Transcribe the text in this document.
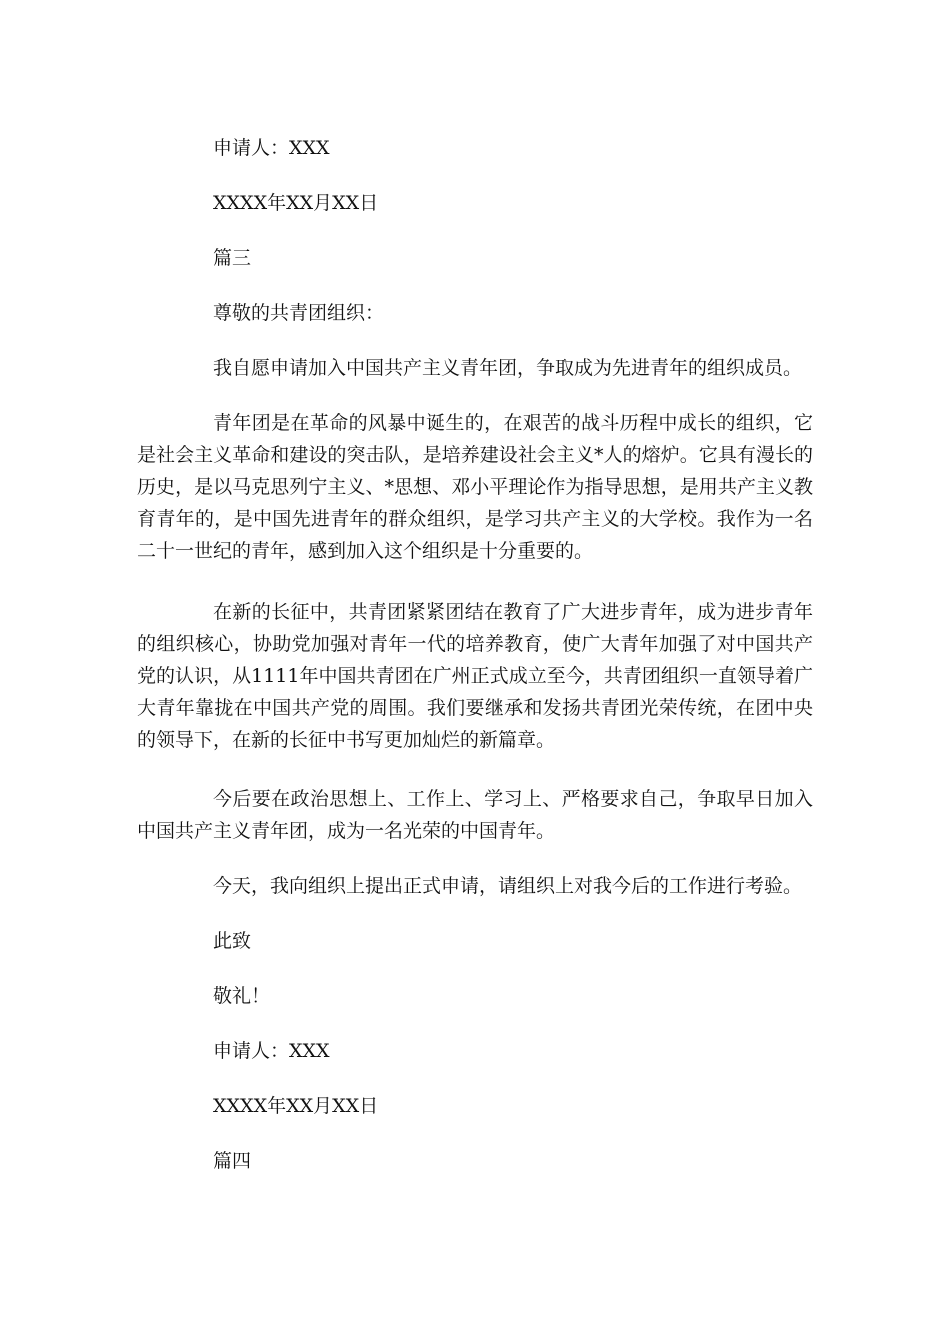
申请人：XXX

XXXX年XX月XX日

篇三

尊敬的共青团组织：

我自愿申请加入中国共产主义青年团，争取成为先进青年的组织成员。

青年团是在革命的风暴中诞生的，在艰苦的战斗历程中成长的组织，它是社会主义革命和建设的突击队，是培养建设社会主义*人的熔炉。它具有漫长的历史，是以马克思列宁主义、*思想、邓小平理论作为指导思想，是用共产主义教育青年的，是中国先进青年的群众组织，是学习共产主义的大学校。我作为一名二十一世纪的青年，感到加入这个组织是十分重要的。

在新的长征中，共青团紧紧团结在教育了广大进步青年，成为进步青年的组织核心，协助党加强对青年一代的培养教育，使广大青年加强了对中国共产党的认识，从1111年中国共青团在广州正式成立至今，共青团组织一直领导着广大青年靠拢在中国共产党的周围。我们要继承和发扬共青团光荣传统，在团中央的领导下，在新的长征中书写更加灿烂的新篇章。

今后要在政治思想上、工作上、学习上、严格要求自己，争取早日加入中国共产主义青年团，成为一名光荣的中国青年。

今天，我向组织上提出正式申请，请组织上对我今后的工作进行考验。

此致

敬礼！

申请人：XXX

XXXX年XX月XX日

篇四
